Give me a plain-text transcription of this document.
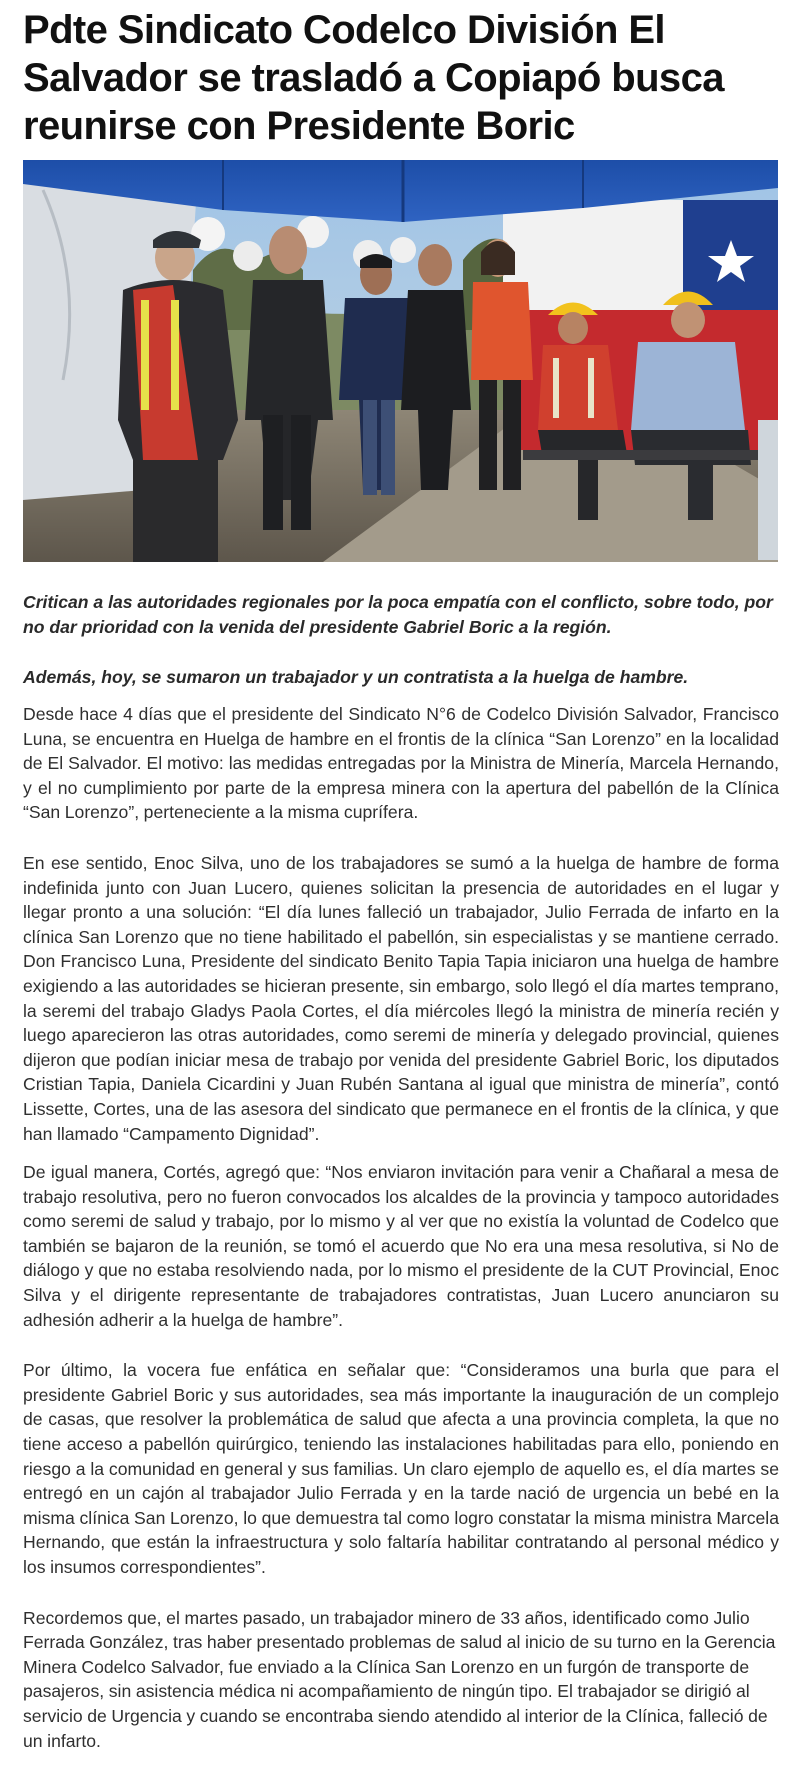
Pdte Sindicato Codelco División El Salvador se trasladó a Copiapó busca reunirse con Presidente Boric

Critican a las autoridades regionales por la poca empatía con el conflicto, sobre todo, por no dar prioridad con la venida del presidente Gabriel Boric a la región.

Además, hoy, se sumaron un trabajador y un contratista a la huelga de hambre.

Desde hace 4 días que el presidente del Sindicato N°6 de Codelco División Salvador, Francisco Luna, se encuentra en Huelga de hambre en el frontis de la clínica “San Lorenzo” en la localidad de El Salvador. El motivo: las medidas entregadas por la Ministra de Minería, Marcela Hernando, y el no cumplimiento por parte de la empresa minera con la apertura del pabellón de la Clínica “San Lorenzo”, perteneciente a la misma cuprífera.

En ese sentido, Enoc Silva, uno de los trabajadores se sumó a la huelga de hambre de forma indefinida junto con Juan Lucero, quienes solicitan la presencia de autoridades en el lugar y llegar pronto a una solución: “El día lunes falleció un trabajador, Julio Ferrada de infarto en la clínica San Lorenzo que no tiene habilitado el pabellón, sin especialistas y se mantiene cerrado. Don Francisco Luna, Presidente del sindicato Benito Tapia Tapia iniciaron una huelga de hambre exigiendo a las autoridades se hicieran presente, sin embargo, solo llegó el día martes temprano, la seremi del trabajo Gladys Paola Cortes, el día miércoles llegó la ministra de minería recién y luego aparecieron las otras autoridades, como seremi de minería y delegado provincial, quienes dijeron que podían iniciar mesa de trabajo por venida del presidente Gabriel Boric, los diputados Cristian Tapia, Daniela Cicardini y Juan Rubén Santana al igual que ministra de minería”, contó Lissette, Cortes, una de las asesora del sindicato que permanece en el frontis de la clínica, y que han llamado “Campamento Dignidad”.

De igual manera, Cortés, agregó que: “Nos enviaron invitación para venir a Chañaral a mesa de trabajo resolutiva, pero no fueron convocados los alcaldes de la provincia y tampoco autoridades como seremi de salud y trabajo, por lo mismo y al ver que no existía la voluntad de Codelco que también se bajaron de la reunión, se tomó el acuerdo que No era una mesa resolutiva, si No de diálogo y que no estaba resolviendo nada, por lo mismo el presidente de la CUT Provincial, Enoc Silva y el dirigente representante de trabajadores contratistas, Juan Lucero anunciaron su adhesión adherir a la huelga de hambre”.

Por último, la vocera fue enfática en señalar que: “Consideramos una burla que para el presidente Gabriel Boric y sus autoridades, sea más importante la inauguración de un complejo de casas, que resolver la problemática de salud que afecta a una provincia completa, la que no tiene acceso a pabellón quirúrgico, teniendo las instalaciones habilitadas para ello, poniendo en riesgo a la comunidad en general y sus familias. Un claro ejemplo de aquello es, el día martes se entregó en un cajón al trabajador Julio Ferrada y en la tarde nació de urgencia un bebé en la misma clínica San Lorenzo, lo que demuestra tal como logro constatar la misma ministra Marcela Hernando, que están la infraestructura y solo faltaría habilitar contratando al personal médico y los insumos correspondientes”.

Recordemos que, el martes pasado, un trabajador minero de 33 años, identificado como Julio Ferrada González, tras haber presentado problemas de salud al inicio de su turno en la Gerencia Minera Codelco Salvador, fue enviado a la Clínica San Lorenzo en un furgón de transporte de pasajeros, sin asistencia médica ni acompañamiento de ningún tipo. El trabajador se dirigió al servicio de Urgencia y cuando se encontraba siendo atendido al interior de la Clínica, falleció de un infarto.
